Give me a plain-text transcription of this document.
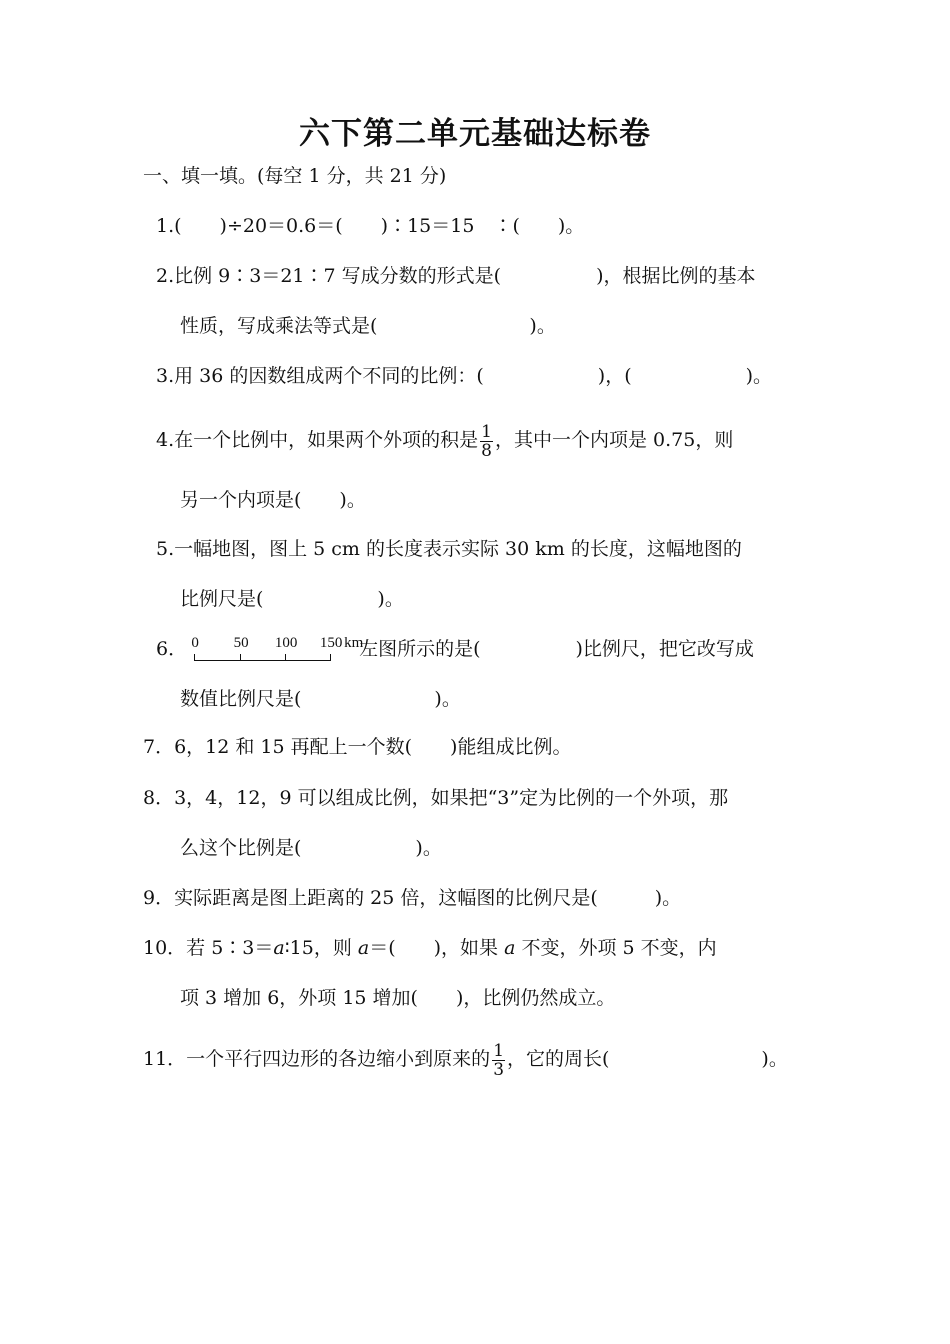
六下第二单元基础达标卷
一、填一填。(每空 1 分，共 21 分)
1.(　　)÷20＝0.6＝(　　)∶15＝15　∶(　　)。
2.比例 9∶3＝21∶7 写成分数的形式是(　　　　　)，根据比例的基本
性质，写成乘法等式是(　　　　　　　　)。
3.用 36 的因数组成两个不同的比例：(　　　　　　)，(　　　　　　)。
4.在一个比例中，如果两个外项的积是 $\frac{1}{8}$ ，其中一个内项是 0.75，则
另一个内项是(　　)。
5.一幅地图，图上 5 cm 的长度表示实际 30 km 的长度，这幅地图的
比例尺是(　　　　　　)。
6． 0 50 100 150 km
左图所示的是(　　　　　)比例尺，把它改写成
数值比例尺是(　　　　　　　)。
7．6，12 和 15 再配上一个数(　　)能组成比例。
8．3，4，12，9 可以组成比例，如果把“3”定为比例的一个外项，那
么这个比例是(　　　　　　)。
9．实际距离是图上距离的 25 倍，这幅图的比例尺是(　　　)。
10．若 5∶3＝a∶15，则 a＝(　　)，如果 a 不变，外项 5 不变，内
项 3 增加 6，外项 15 增加(　　)，比例仍然成立。
11．一个平行四边形的各边缩小到原来的 $\frac{1}{3}$ ，它的周长(　　　　　　　　)。
